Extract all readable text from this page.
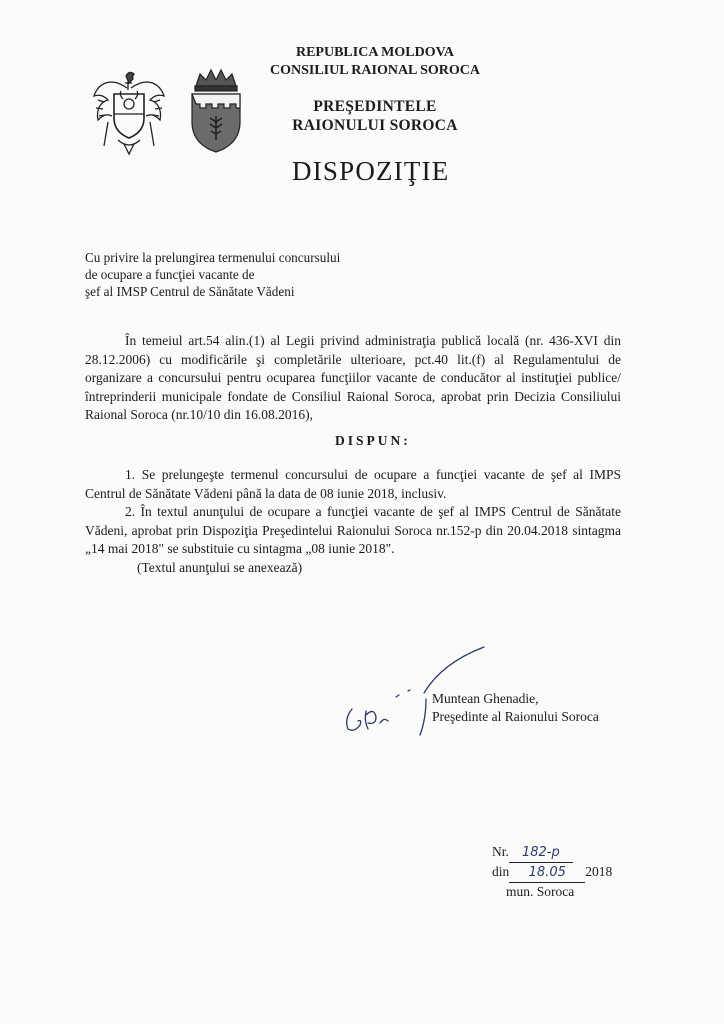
REPUBLICA MOLDOVA
CONSILIUL RAIONAL SOROCA
PREŞEDINTELE
RAIONULUI SOROCA
DISPOZIŢIE
Cu privire la prelungirea termenului concursului
de ocupare a funcţiei vacante de
şef al IMSP Centrul de Sănătate Vădeni

În temeiul art.54 alin.(1) al Legii privind administraţia publică locală (nr. 436-XVI din 28.12.2006) cu modificările şi completările ulterioare, pct.40 lit.(f) al Regulamentului de organizare a concursului pentru ocuparea funcţiilor vacante de conducător al instituţiei publice/întreprinderii municipale fondate de Consiliul Raional Soroca, aprobat prin Decizia Consiliului Raional Soroca (nr.10/10 din 16.08.2016),

DISPUN:

1. Se prelungeşte termenul concursului de ocupare a funcţiei vacante de şef al IMPS Centrul de Sănătate Vădeni până la data de 08 iunie 2018, inclusiv.

2. În textul anunţului de ocupare a funcţiei vacante de şef al IMPS Centrul de Sănătate Vădeni, aprobat prin Dispoziţia Preşedintelui Raionului Soroca nr.152-p din 20.04.2018 sintagma „14 mai 2018" se substituie cu sintagma „08 iunie 2018".

(Textul anunţului se anexează)

Muntean Ghenadie,
Preşedinte al Raionului Soroca
Nr. 182-p
din 18.05 2018
mun. Soroca
